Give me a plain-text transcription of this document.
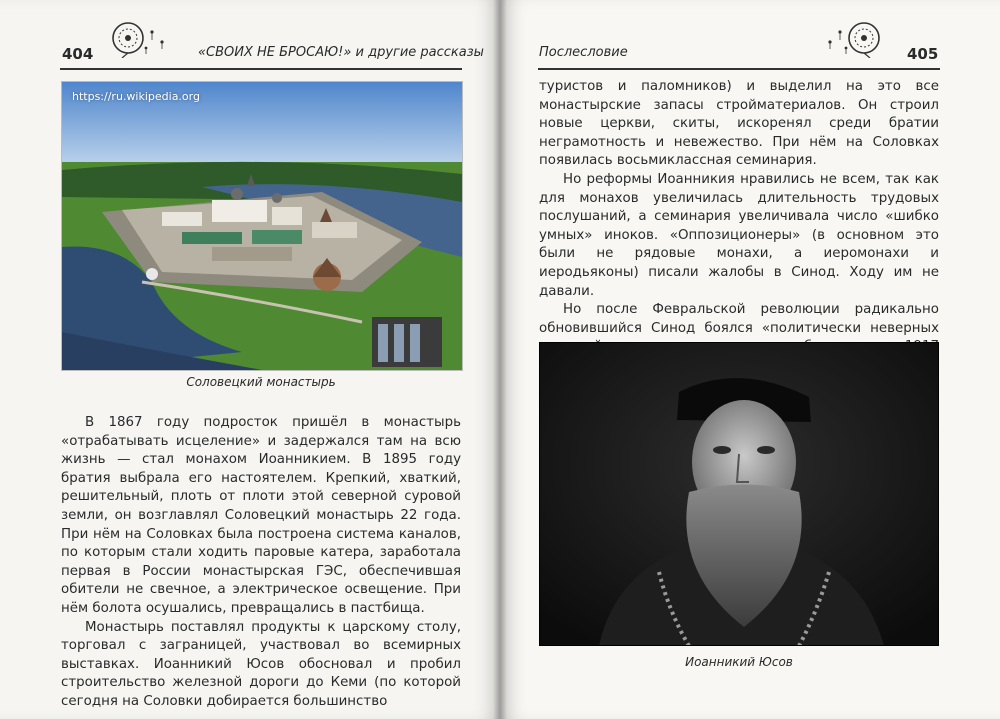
404	«СВОИХ НЕ БРОСАЮ!» и другие рассказы
https://ru.wikipedia.org
Соловецкий монастырь

В 1867 году подросток пришёл в монастырь «отрабатывать исцеление» и задержался там на всю жизнь — стал монахом Иоанникием. В 1895 году братия выбрала его настоятелем. Крепкий, хваткий, решительный, плоть от плоти этой северной суровой земли, он возглавлял Соловецкий монастырь 22 года. При нём на Соловках была построена система каналов, по которым стали ходить паровые катера, заработала первая в России монастырская ГЭС, обеспечившая обители не свечное, а электрическое освещение. При нём болота осушались, превращались в пастбища.

Монастырь поставлял продукты к царскому столу, торговал с заграницей, участвовал во всемирных выставках. Иоанникий Юсов обосновал и пробил строительство железной дороги до Кеми (по которой сегодня на Соловки добирается большинство

Послесловие	405

туристов и паломников) и выделил на это все монастырские запасы стройматериалов. Он строил новые церкви, скиты, искоренял среди братии неграмотность и невежество. При нём на Соловках появилась восьмиклассная семинария.

Но реформы Иоанникия нравились не всем, так как для монахов увеличилась длительность трудовых послушаний, а семинария увеличивала число «шибко умных» иноков. «Оппозиционеры» (в основном это были не рядовые монахи, а иеромонахи и иеродьяконы) писали жалобы в Синод. Ходу им не давали.

Но после Февральской революции радикально обновившийся Синод боялся «политически неверных

Иоанникий Юсов
